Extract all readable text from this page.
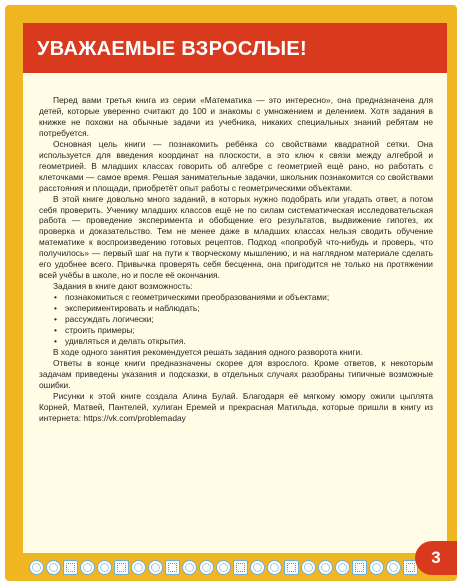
УВАЖАЕМЫЕ ВЗРОСЛЫЕ!

Перед вами третья книга из серии «Математика — это интересно», она предназначена для детей, которые уверенно считают до 100 и знакомы с умножением и делением. Хотя задания в книжке не похожи на обычные задачи из учебника, никаких специальных знаний ребятам не потребуется.

Основная цель книги — познакомить ребёнка со свойствами квадратной сетки. Она используется для введения координат на плоскости, а это ключ к связи между алгеброй и геометрией. В младших классах говорить об алгебре с геометрией ещё рано, но работать с клеточками — самое время. Решая занимательные задачки, школьник познакомится со свойствами расстояния и площади, приобретёт опыт работы с геометрическими объектами.

В этой книге довольно много заданий, в которых нужно подобрать или угадать ответ, а потом себя проверить. Ученику младших классов ещё не по силам систематическая исследовательская работа — проведение эксперимента и обобщение его результатов, выдвижение гипотез, их проверка и доказательство. Тем не менее даже в младших классах нельзя сводить обучение математике к воспроизведению готовых рецептов. Подход «попробуй что-нибудь и проверь, что получилось» — первый шаг на пути к творческому мышлению, и на наглядном материале сделать его удобнее всего. Привычка проверять себя бесценна, она пригодится не только на протяжении всей учёбы в школе, но и после её окончания.

Задания в книге дают возможность:

• познакомиться с геометрическими преобразованиями и объектами;
• экспериментировать и наблюдать;
• рассуждать логически;
• строить примеры;
• удивляться и делать открытия.

В ходе одного занятия рекомендуется решать задания одного разворота книги.

Ответы в конце книги предназначены скорее для взрослого. Кроме ответов, к некоторым задачам приведены указания и подсказки, в отдельных случаях разобраны типичные возможные ошибки.

Рисунки к этой книге создала Алина Булай. Благодаря её мягкому юмору ожили цыплята Корней, Матвей, Пантелей, хулиган Еремей и прекрасная Матильда, которые пришли в книгу из интернета: https://vk.com/problemaday

3
